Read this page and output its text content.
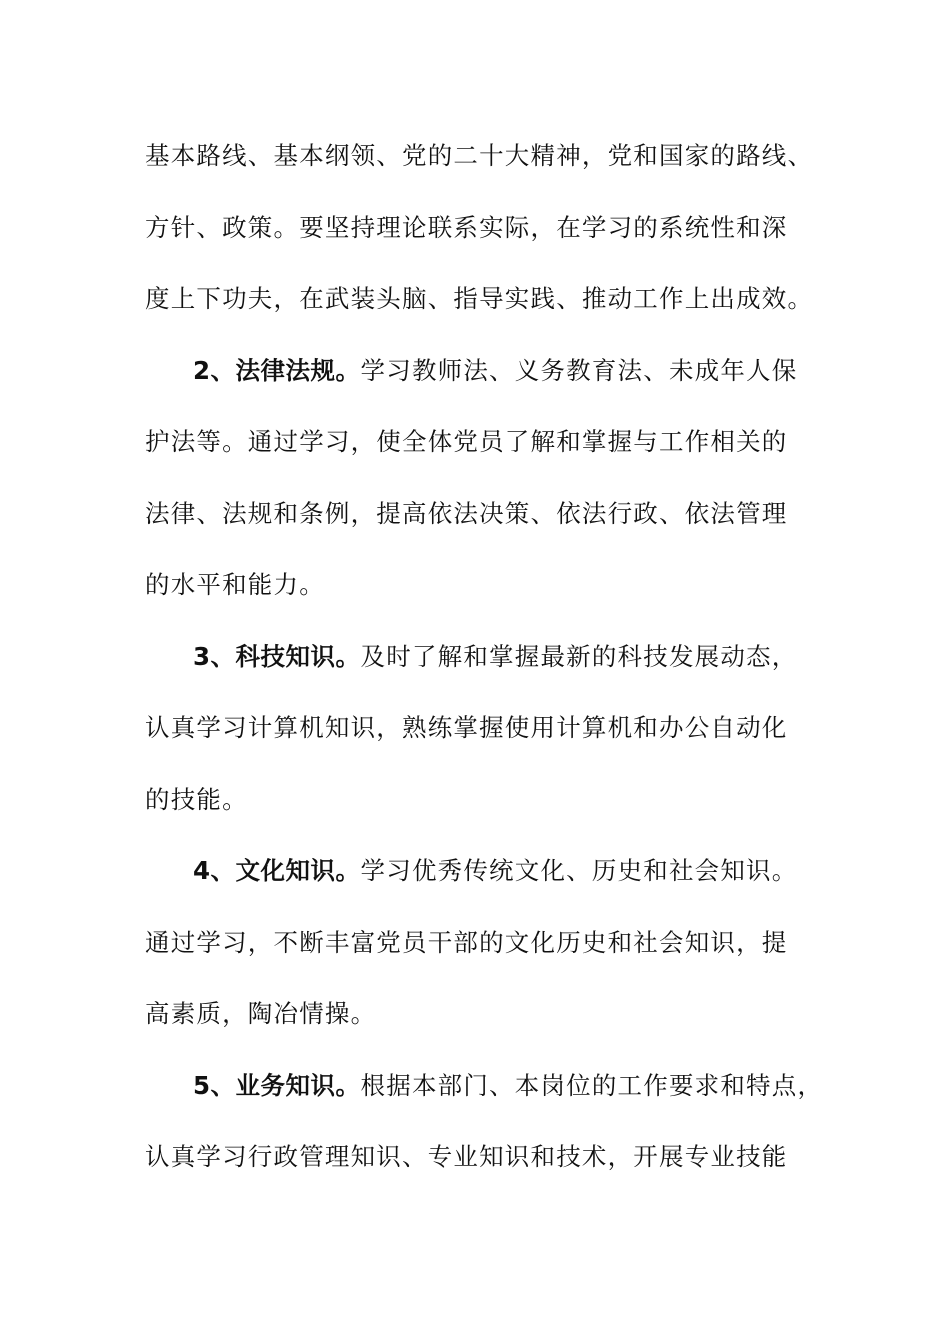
基本路线、基本纲领、党的二十大精神，党和国家的路线、
方针、政策。要坚持理论联系实际，在学习的系统性和深
度上下功夫，在武装头脑、指导实践、推动工作上出成效。
2、法律法规。学习教师法、义务教育法、未成年人保
护法等。通过学习，使全体党员了解和掌握与工作相关的
法律、法规和条例，提高依法决策、依法行政、依法管理
的水平和能力。
3、科技知识。及时了解和掌握最新的科技发展动态，
认真学习计算机知识，熟练掌握使用计算机和办公自动化
的技能。
4、文化知识。学习优秀传统文化、历史和社会知识。
通过学习，不断丰富党员干部的文化历史和社会知识，提
高素质，陶冶情操。
5、业务知识。根据本部门、本岗位的工作要求和特点，
认真学习行政管理知识、专业知识和技术，开展专业技能
